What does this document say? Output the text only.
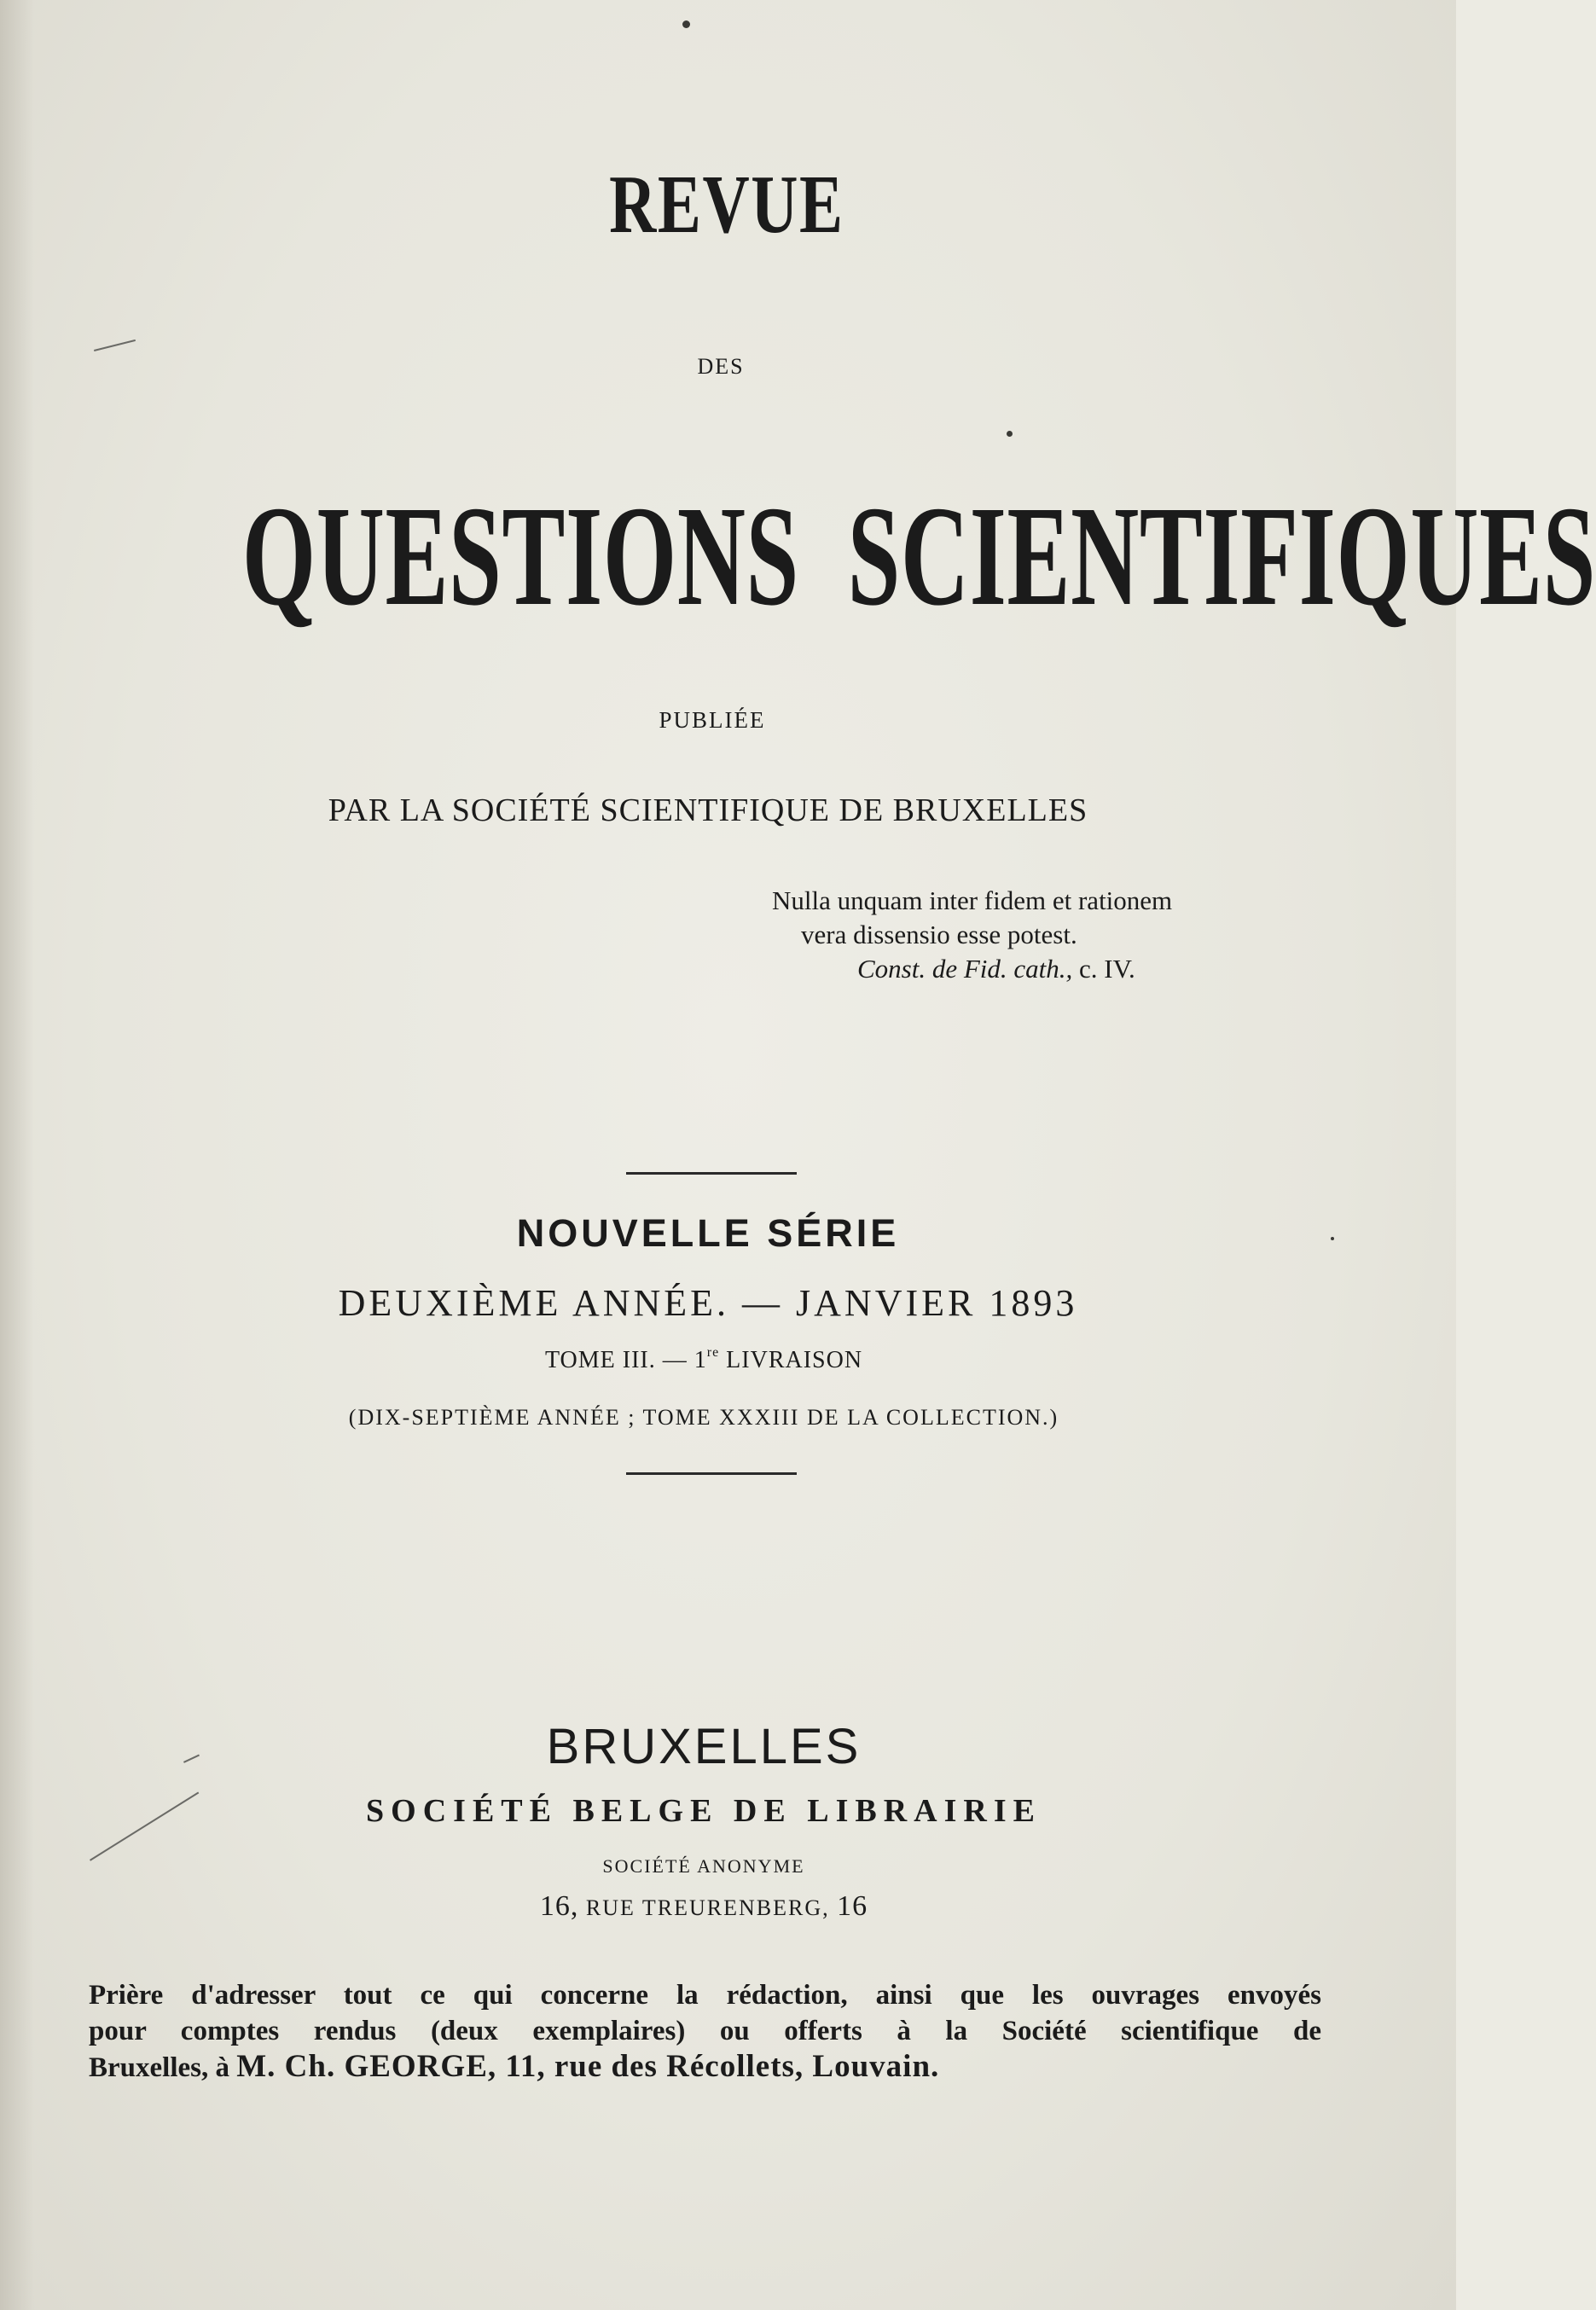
REVUE

DES

QUESTIONS  SCIENTIFIQUES

PUBLIÉE

PAR LA SOCIÉTÉ SCIENTIFIQUE DE BRUXELLES

Nulla unquam inter fidem et rationem
vera dissensio esse potest.
Const. de Fid. cath., c. IV.

NOUVELLE SÉRIE

DEUXIÈME ANNÉE. — JANVIER 1893

TOME III. — 1re LIVRAISON

(DIX-SEPTIÈME ANNÉE ; TOME XXXIII DE LA COLLECTION.)

BRUXELLES

SOCIÉTÉ BELGE DE LIBRAIRIE

SOCIÉTÉ ANONYME

16, RUE TREURENBERG, 16

Prière d'adresser tout ce qui concerne la rédaction, ainsi que les ouvrages envoyés
pour comptes rendus (deux exemplaires) ou offerts à la Société scientifique de
Bruxelles, à M. Ch. GEORGE, 11, rue des Récollets, Louvain.
